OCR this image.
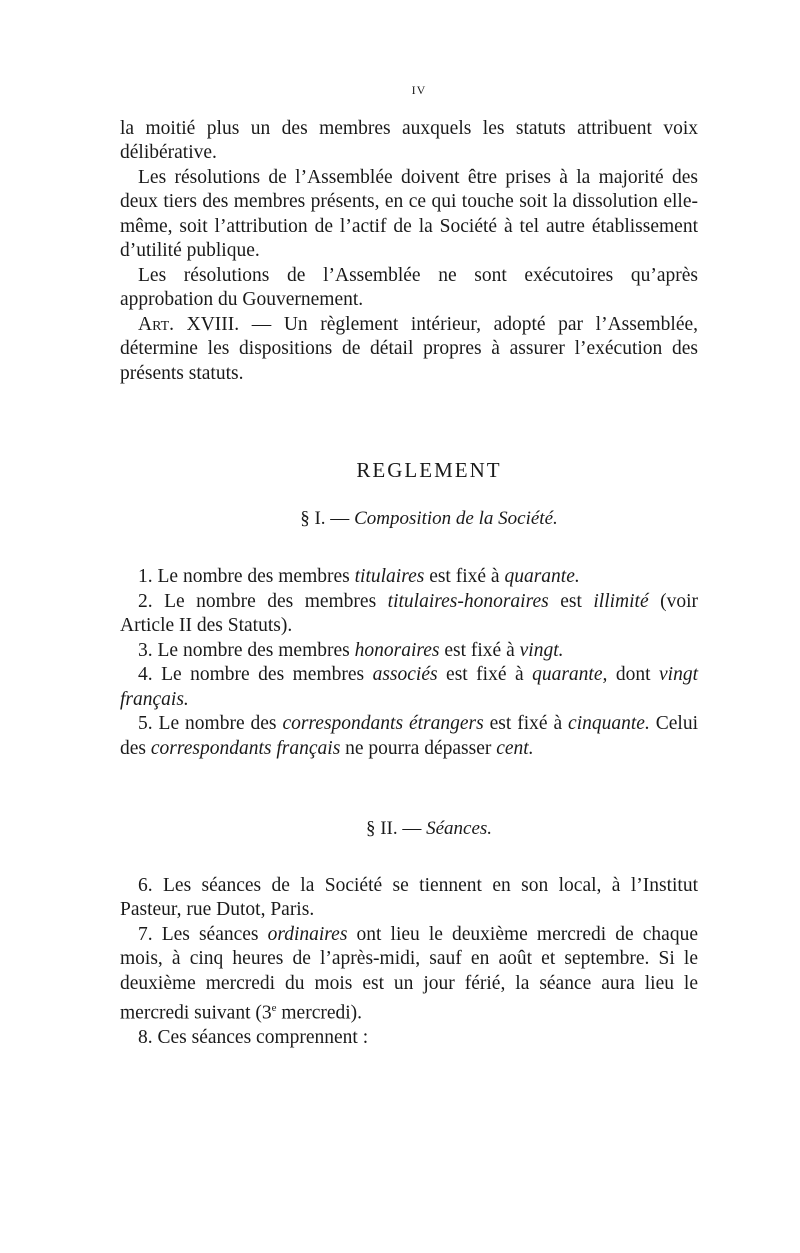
IV

la moitié plus un des membres auxquels les statuts attribuent voix délibérative.

Les résolutions de l’Assemblée doivent être prises à la majorité des deux tiers des membres présents, en ce qui touche soit la dissolution elle-même, soit l’attribution de l’actif de la Société à tel autre établissement d’utilité publique.

Les résolutions de l’Assemblée ne sont exécutoires qu’après approbation du Gouvernement.

Art. XVIII. — Un règlement intérieur, adopté par l’Assemblée, détermine les dispositions de détail propres à assurer l’exécution des présents statuts.

REGLEMENT
§ I. — Composition de la Société.

1. Le nombre des membres titulaires est fixé à quarante.

2. Le nombre des membres titulaires-honoraires est illimité (voir Article II des Statuts).

3. Le nombre des membres honoraires est fixé à vingt.

4. Le nombre des membres associés est fixé à quarante, dont vingt français.

5. Le nombre des correspondants étrangers est fixé à cinquante. Celui des correspondants français ne pourra dépasser cent.

§ II. — Séances.

6. Les séances de la Société se tiennent en son local, à l’Institut Pasteur, rue Dutot, Paris.

7. Les séances ordinaires ont lieu le deuxième mercredi de chaque mois, à cinq heures de l’après-midi, sauf en août et septembre. Si le deuxième mercredi du mois est un jour férié, la séance aura lieu le mercredi suivant (3e mercredi).

8. Ces séances comprennent :
